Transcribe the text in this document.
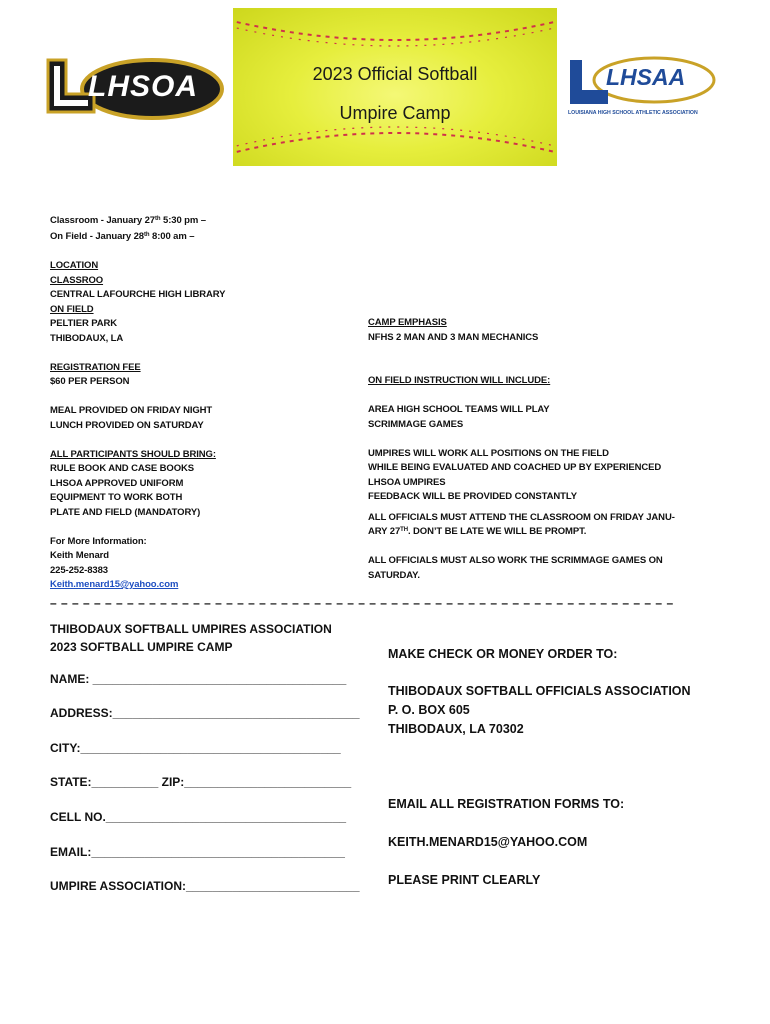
LHSOA	2023 Official Softball
Umpire Camp
LHSAA
LOUISIANA HIGH SCHOOL ATHLETIC ASSOCIATION
Classroom - January 27th 5:30 pm –
On Field - January 28th 8:00 am –
LOCATION
CLASSROO
CENTRAL LAFOURCHE HIGH LIBRARY
ON FIELD
PELTIER PARK
THIBODAUX, LA
REGISTRATION FEE
$60 PER PERSON
MEAL PROVIDED ON FRIDAY NIGHT
LUNCH PROVIDED ON SATURDAY
ALL PARTICIPANTS SHOULD BRING:
RULE BOOK AND CASE BOOKS
LHSOA APPROVED UNIFORM
EQUIPMENT TO WORK BOTH
PLATE AND FIELD (MANDATORY)
For More Information:
Keith Menard
225-252-8383
Keith.menard15@yahoo.com
CAMP EMPHASIS
NFHS 2 MAN AND 3 MAN MECHANICS
ON FIELD INSTRUCTION WILL INCLUDE:
AREA HIGH SCHOOL TEAMS WILL PLAY
SCRIMMAGE GAMES
UMPIRES WILL WORK ALL POSITIONS ON THE FIELD
WHILE BEING EVALUATED AND COACHED UP BY EXPERIENCED
LHSOA UMPIRES
FEEDBACK WILL BE PROVIDED CONSTANTLY
ALL OFFICIALS MUST ATTEND THE CLASSROOM ON FRIDAY JANU-
ARY 27TH. DON’T BE LATE WE WILL BE PROMPT.
ALL OFFICIALS MUST ALSO WORK THE SCRIMMAGE GAMES ON
SATURDAY.
– – – – – – – – – – – – – – – – – – – – – – – – – – – – – – – – – – – – – – – – – – – – – – – – – – – – – – – – –
THIBODAUX SOFTBALL UMPIRES ASSOCIATION
2023 SOFTBALL UMPIRE CAMP
NAME: ______________________________________
ADDRESS:_____________________________________
CITY:_______________________________________
STATE:__________ ZIP:_________________________
CELL NO.____________________________________
EMAIL:______________________________________
UMPIRE ASSOCIATION:__________________________
MAKE CHECK OR MONEY ORDER TO:
THIBODAUX SOFTBALL OFFICIALS ASSOCIATION
P. O. BOX 605
THIBODAUX, LA 70302
EMAIL ALL REGISTRATION FORMS TO:
KEITH.MENARD15@YAHOO.COM
PLEASE PRINT CLEARLY
